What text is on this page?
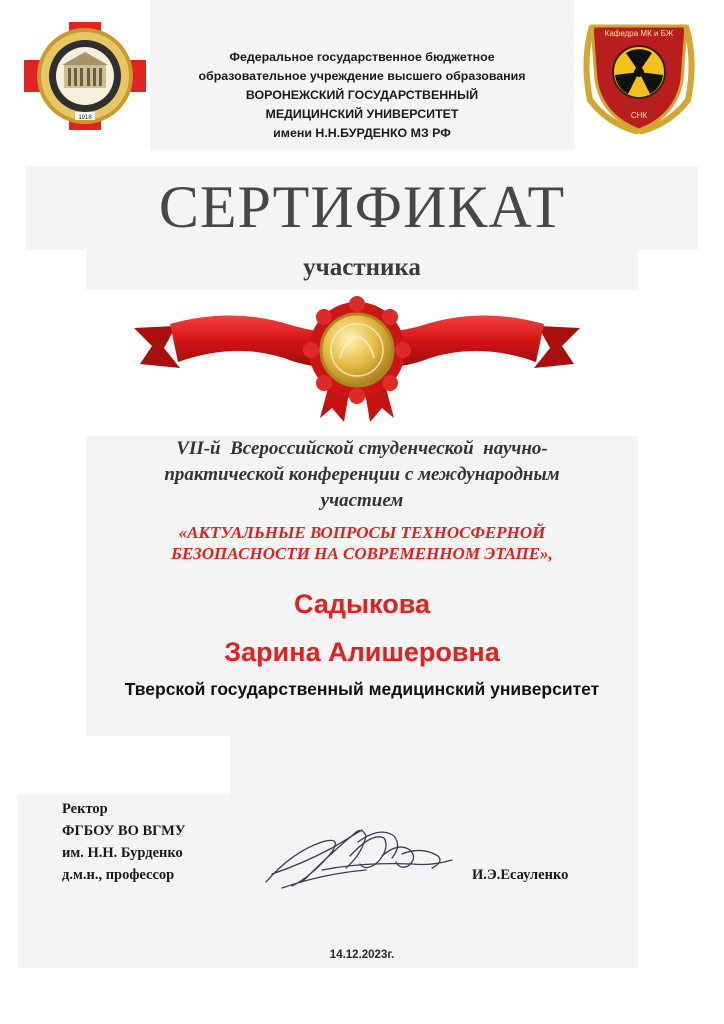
1918
Кафедра МК и БЖ
СНК
Федеральное государственное бюджетное
образовательное учреждение высшего образования
ВОРОНЕЖСКИЙ ГОСУДАРСТВЕННЫЙ
МЕДИЦИНСКИЙ УНИВЕРСИТЕТ
имени Н.Н.БУРДЕНКО МЗ РФ
СЕРТИФИКАТ
участника
VII-й  Всероссийской студенческой  научно-
практической конференции с международным
участием
«АКТУАЛЬНЫЕ ВОПРОСЫ ТЕХНОСФЕРНОЙ
БЕЗОПАСНОСТИ НА СОВРЕМЕННОМ ЭТАПЕ»,
Садыкова
Зарина Алишеровна
Тверской государственный медицинский университет
Ректор
ФГБОУ ВО ВГМУ
им. Н.Н. Бурденко
д.м.н., профессор	И.Э.Есауленко
14.12.2023г.
